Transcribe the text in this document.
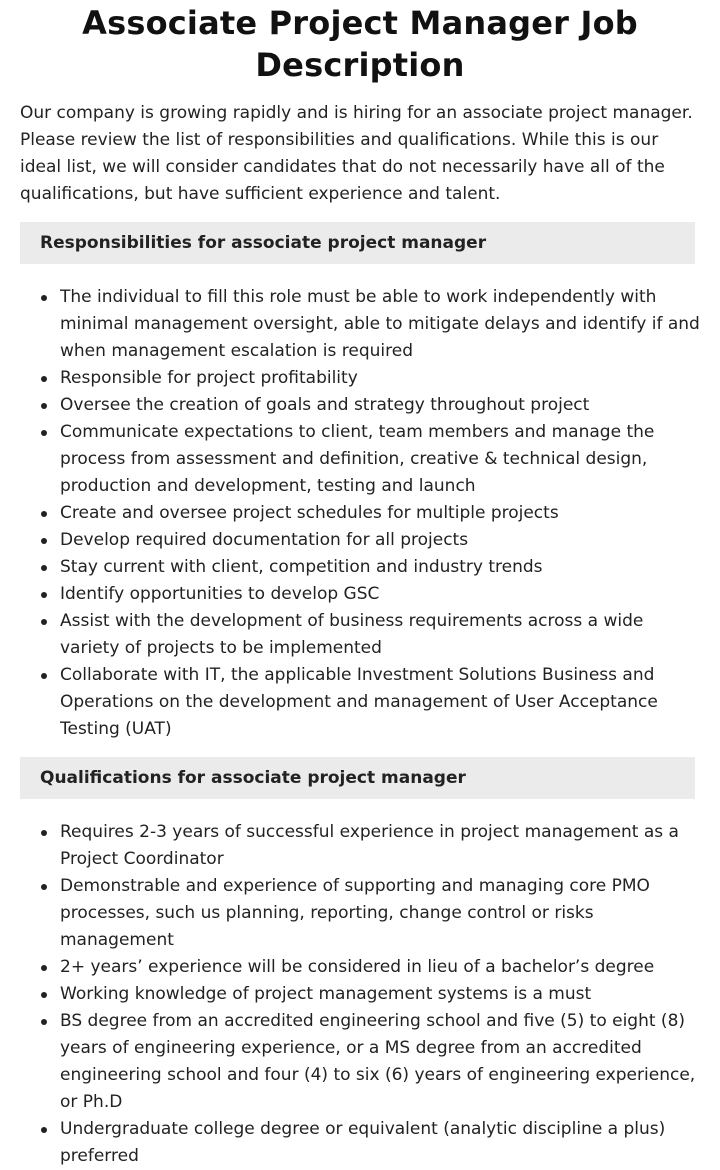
Associate Project Manager Job Description

Our company is growing rapidly and is hiring for an associate project manager. Please review the list of responsibilities and qualifications. While this is our ideal list, we will consider candidates that do not necessarily have all of the qualifications, but have sufficient experience and talent.

Responsibilities for associate project manager
The individual to fill this role must be able to work independently with minimal management oversight, able to mitigate delays and identify if and when management escalation is required
Responsible for project profitability
Oversee the creation of goals and strategy throughout project
Communicate expectations to client, team members and manage the process from assessment and definition, creative & technical design, production and development, testing and launch
Create and oversee project schedules for multiple projects
Develop required documentation for all projects
Stay current with client, competition and industry trends
Identify opportunities to develop GSC
Assist with the development of business requirements across a wide variety of projects to be implemented
Collaborate with IT, the applicable Investment Solutions Business and Operations on the development and management of User Acceptance Testing (UAT)
Qualifications for associate project manager
Requires 2-3 years of successful experience in project management as a Project Coordinator
Demonstrable and experience of supporting and managing core PMO processes, such us planning, reporting, change control or risks management
2+ years’ experience will be considered in lieu of a bachelor’s degree
Working knowledge of project management systems is a must
BS degree from an accredited engineering school and five (5) to eight (8) years of engineering experience, or a MS degree from an accredited engineering school and four (4) to six (6) years of engineering experience, or Ph.D
Undergraduate college degree or equivalent (analytic discipline a plus) preferred
